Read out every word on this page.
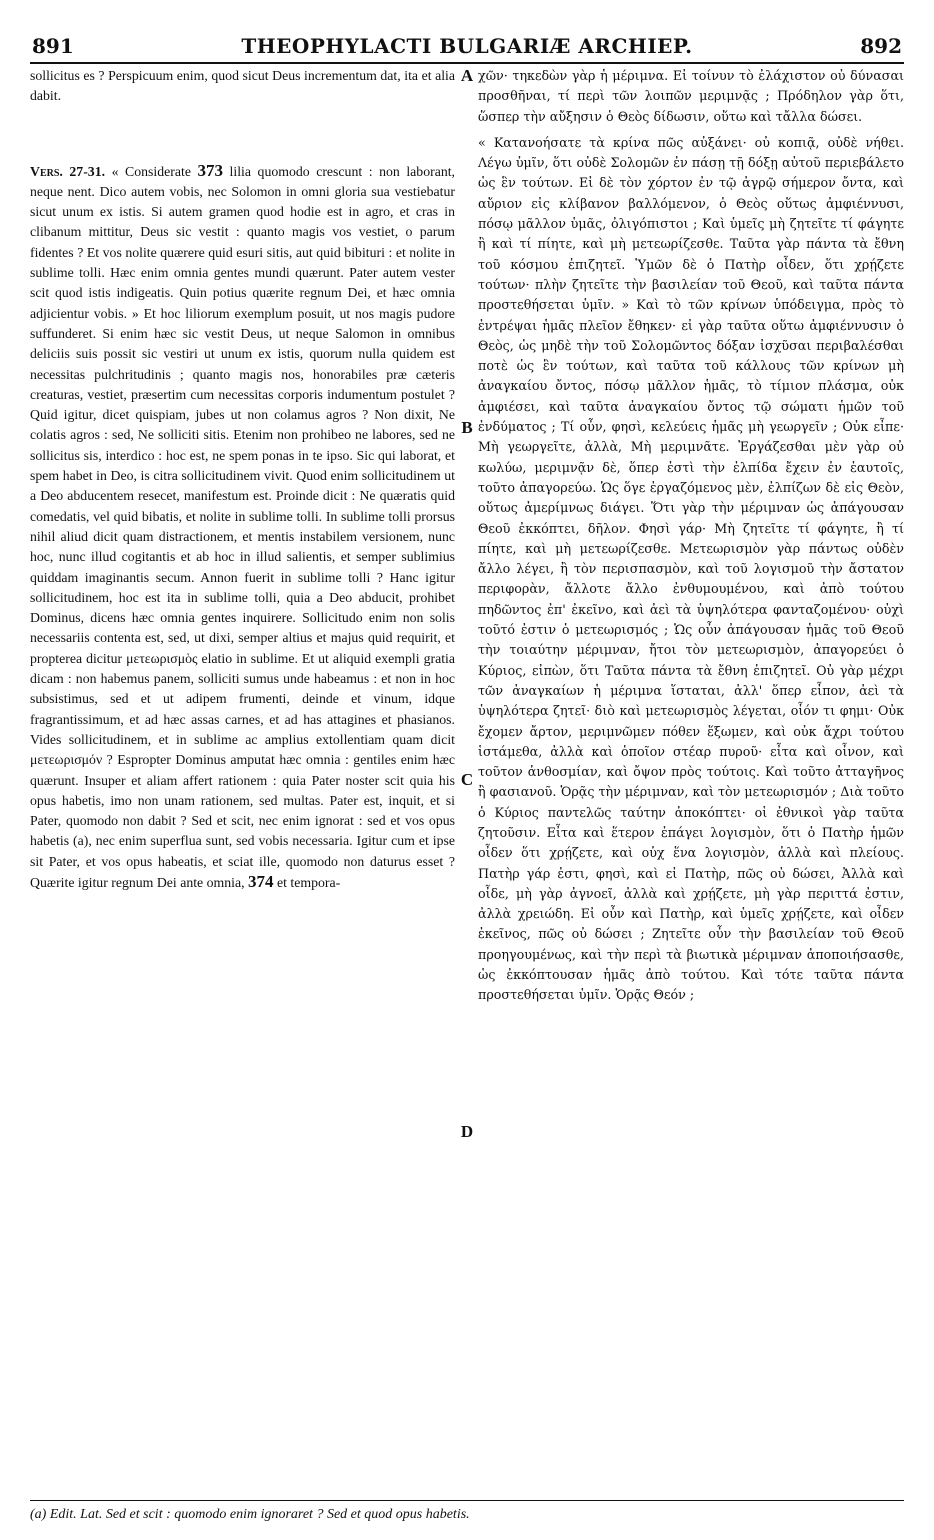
891	THEOPHYLACTI BULGARIÆ ARCHIEP.	892

sollicitus es ? Perspicuum enim, quod sicut Deus incrementum dat, ita et alia dabit.

Vers. 27-31. « Considerate 373 lilia quomodo crescunt : non laborant, neque nent. Dico autem vobis, nec Solomon in omni gloria sua vestiebatur sicut unum ex istis. Si autem gramen quod hodie est in agro, et cras in clibanum mittitur, Deus sic vestit : quanto magis vos vestiet, o parum fidentes ? Et vos nolite quærere quid esuri sitis, aut quid bibituri : et nolite in sublime tolli. Hæc enim omnia gentes mundi quærunt. Pater autem vester scit quod istis indigeatis. Quin potius quærite regnum Dei, et hæc omnia adjicientur vobis. » Et hoc liliorum exemplum posuit, ut nos magis pudore suffunderet. Si enim hæc sic vestit Deus, ut neque Salomon in omnibus deliciis suis possit sic vestiri ut unum ex istis, quorum nulla quidem est necessitas pulchritudinis ; quanto magis nos, honorabiles præ cæteris creaturas, vestiet, præsertim cum necessitas corporis indumentum postulet ? Quid igitur, dicet quispiam, jubes ut non colamus agros ? Non dixit, Ne colatis agros : sed, Ne solliciti sitis. Etenim non prohibeo ne labores, sed ne sollicitus sis, interdico : hoc est, ne spem ponas in te ipso. Sic qui laborat, et spem habet in Deo, is citra sollicitudinem vivit. Quod enim sollicitudinem ut a Deo abducentem resecet, manifestum est. Proinde dicit : Ne quæratis quid comedatis, vel quid bibatis, et nolite in sublime tolli. In sublime tolli prorsus nihil aliud dicit quam distractionem, et mentis instabilem versionem, nunc hoc, nunc illud cogitantis et ab hoc in illud salientis, et semper sublimius quiddam imaginantis secum. Annon fuerit in sublime tolli ? Hanc igitur sollicitudinem, hoc est ita in sublime tolli, quia a Deo abducit, prohibet Dominus, dicens hæc omnia gentes inquirere. Sollicitudo enim non solis necessariis contenta est, sed, ut dixi, semper altius et majus quid requirit, et propterea dicitur μετεωρισμὸς elatio in sublime. Et ut aliquid exempli gratia dicam : non habemus panem, solliciti sumus unde habeamus : et non in hoc subsistimus, sed et ut adipem frumenti, deinde et vinum, idque fragrantissimum, et ad hæc assas carnes, et ad has attagines et phasianos. Vides sollicitudinem, et in sublime ac amplius extollentiam quam dicit μετεωρισμόν ? Espropter Dominus amputat hæc omnia : gentiles enim hæc quærunt. Insuper et aliam affert rationem : quia Pater noster scit quia his opus habetis, imo non unam rationem, sed multas. Pater est, inquit, et si Pater, quomodo non dabit ? Sed et scit, nec enim ignorat : sed et vos opus habetis (a), nec enim superflua sunt, sed vobis necessaria. Igitur cum et ipse sit Pater, et vos opus habeatis, et sciat ille, quomodo non daturus esset ? Quærite igitur regnum Dei ante omnia, 374 et tempora-

χῶν· τηκεδὼν γὰρ ἡ μέριμνα. Εἰ τοίνυν τὸ ἐλάχιστον οὐ δύνασαι προσθῆναι, τί περὶ τῶν λοιπῶν μεριμνᾷς ; Πρόδηλον γὰρ ὅτι, ὥσπερ τὴν αὔξησιν ὁ Θεὸς δίδωσιν, οὕτω καὶ τἄλλα δώσει.

« Κατανοήσατε τὰ κρίνα πῶς αὐξάνει· οὐ κοπιᾷ, οὐδὲ νήθει. Λέγω ὑμῖν, ὅτι οὐδὲ Σολομῶν ἐν πάσῃ τῇ δόξῃ αὐτοῦ περιεβάλετο ὡς ἓν τούτων. Εἰ δὲ τὸν χόρτον ἐν τῷ ἀγρῷ σήμερον ὄντα, καὶ αὔριον εἰς κλίβανον βαλλόμενον, ὁ Θεὸς οὕτως ἀμφιέννυσι, πόσῳ μᾶλλον ὑμᾶς, ὀλιγόπιστοι ; Καὶ ὑμεῖς μὴ ζητεῖτε τί φάγητε ἢ καὶ τί πίητε, καὶ μὴ μετεωρίζεσθε. Ταῦτα γὰρ πάντα τὰ ἔθνη τοῦ κόσμου ἐπιζητεῖ. Ὑμῶν δὲ ὁ Πατὴρ οἶδεν, ὅτι χρῄζετε τούτων· πλὴν ζητεῖτε τὴν βασιλείαν τοῦ Θεοῦ, καὶ ταῦτα πάντα προστεθήσεται ὑμῖν. » Καὶ τὸ τῶν κρίνων ὑπόδειγμα, πρὸς τὸ ἐντρέψαι ἡμᾶς πλεῖον ἔθηκεν· εἰ γὰρ ταῦτα οὕτω ἀμφιέννυσιν ὁ Θεὸς, ὡς μηδὲ τὴν τοῦ Σολομῶντος δόξαν ἰσχῦσαι περιβαλέσθαι ποτὲ ὡς ἓν τούτων, καὶ ταῦτα τοῦ κάλλους τῶν κρίνων μὴ ἀναγκαίου ὄντος, πόσῳ μᾶλλον ἡμᾶς, τὸ τίμιον πλάσμα, οὐκ ἀμφιέσει, καὶ ταῦτα ἀναγκαίου ὄντος τῷ σώματι ἡμῶν τοῦ ἐνδύματος ; Τί οὖν, φησὶ, κελεύεις ἡμᾶς μὴ γεωργεῖν ; Οὐκ εἶπε· Μὴ γεωργεῖτε, ἀλλὰ, Μὴ μεριμνᾶτε. Ἐργάζεσθαι μὲν γὰρ οὐ κωλύω, μεριμνᾷν δὲ, ὅπερ ἐστὶ τὴν ἐλπίδα ἔχειν ἐν ἑαυτοῖς, τοῦτο ἀπαγορεύω. Ὡς ὅγε ἐργαζόμενος μὲν, ἐλπίζων δὲ εἰς Θεὸν, οὕτως ἀμερίμνως διάγει. Ὅτι γὰρ τὴν μέριμναν ὡς ἀπάγουσαν Θεοῦ ἐκκόπτει, δῆλον. Φησὶ γάρ· Μὴ ζητεῖτε τί φάγητε, ἢ τί πίητε, καὶ μὴ μετεωρίζεσθε. Μετεωρισμὸν γὰρ πάντως οὐδὲν ἄλλο λέγει, ἢ τὸν περισπασμὸν, καὶ τοῦ λογισμοῦ τὴν ἄστατον περιφορὰν, ἄλλοτε ἄλλο ἐνθυμουμένου, καὶ ἀπὸ τούτου πηδῶντος ἐπ' ἐκεῖνο, καὶ ἀεὶ τὰ ὑψηλότερα φανταζομένου· οὐχὶ τοῦτό ἐστιν ὁ μετεωρισμός ; Ὡς οὖν ἀπάγουσαν ἡμᾶς τοῦ Θεοῦ τὴν τοιαύτην μέριμναν, ἤτοι τὸν μετεωρισμὸν, ἀπαγορεύει ὁ Κύριος, εἰπὼν, ὅτι Ταῦτα πάντα τὰ ἔθνη ἐπιζητεῖ. Οὐ γὰρ μέχρι τῶν ἀναγκαίων ἡ μέριμνα ἵσταται, ἀλλ' ὅπερ εἶπον, ἀεὶ τὰ ὑψηλότερα ζητεῖ· διὸ καὶ μετεωρισμὸς λέγεται, οἷόν τι φημι· Οὐκ ἔχομεν ἄρτον, μεριμνῶμεν πόθεν ἕξωμεν, καὶ οὐκ ἄχρι τούτου ἱστάμεθα, ἀλλὰ καὶ ὁποῖον στέαρ πυροῦ· εἶτα καὶ οἶνον, καὶ τοῦτον ἀνθοσμίαν, καὶ ὄψον πρὸς τούτοις. Καὶ τοῦτο ἀτταγῆνος ἢ φασιανοῦ. Ὁρᾷς τὴν μέριμναν, καὶ τὸν μετεωρισμόν ; Διὰ τοῦτο ὁ Κύριος παντελῶς ταύτην ἀποκόπτει· οἱ ἐθνικοὶ γὰρ ταῦτα ζητοῦσιν. Εἶτα καὶ ἕτερον ἐπάγει λογισμὸν, ὅτι ὁ Πατὴρ ἡμῶν οἶδεν ὅτι χρῄζετε, καὶ οὐχ ἕνα λογισμὸν, ἀλλὰ καὶ πλείους. Πατὴρ γάρ ἐστι, φησὶ, καὶ εἰ Πατὴρ, πῶς οὐ δώσει, Ἀλλὰ καὶ οἶδε, μὴ γὰρ ἀγνοεῖ, ἀλλὰ καὶ χρῄζετε, μὴ γὰρ περιττά ἐστιν, ἀλλὰ χρειώδη. Εἰ οὖν καὶ Πατὴρ, καὶ ὑμεῖς χρῄζετε, καὶ οἶδεν ἐκεῖνος, πῶς οὐ δώσει ; Ζητεῖτε οὖν τὴν βασιλείαν τοῦ Θεοῦ προηγουμένως, καὶ τὴν περὶ τὰ βιωτικὰ μέριμναν ἀποποιήσασθε, ὡς ἐκκόπτουσαν ἡμᾶς ἀπὸ τούτου. Καὶ τότε ταῦτα πάντα προστεθήσεται ὑμῖν. Ὁρᾷς Θεόν ;

A
B
C
D
(a) Edit. Lat. Sed et scit : quomodo enim ignoraret ? Sed et quod opus habetis.
